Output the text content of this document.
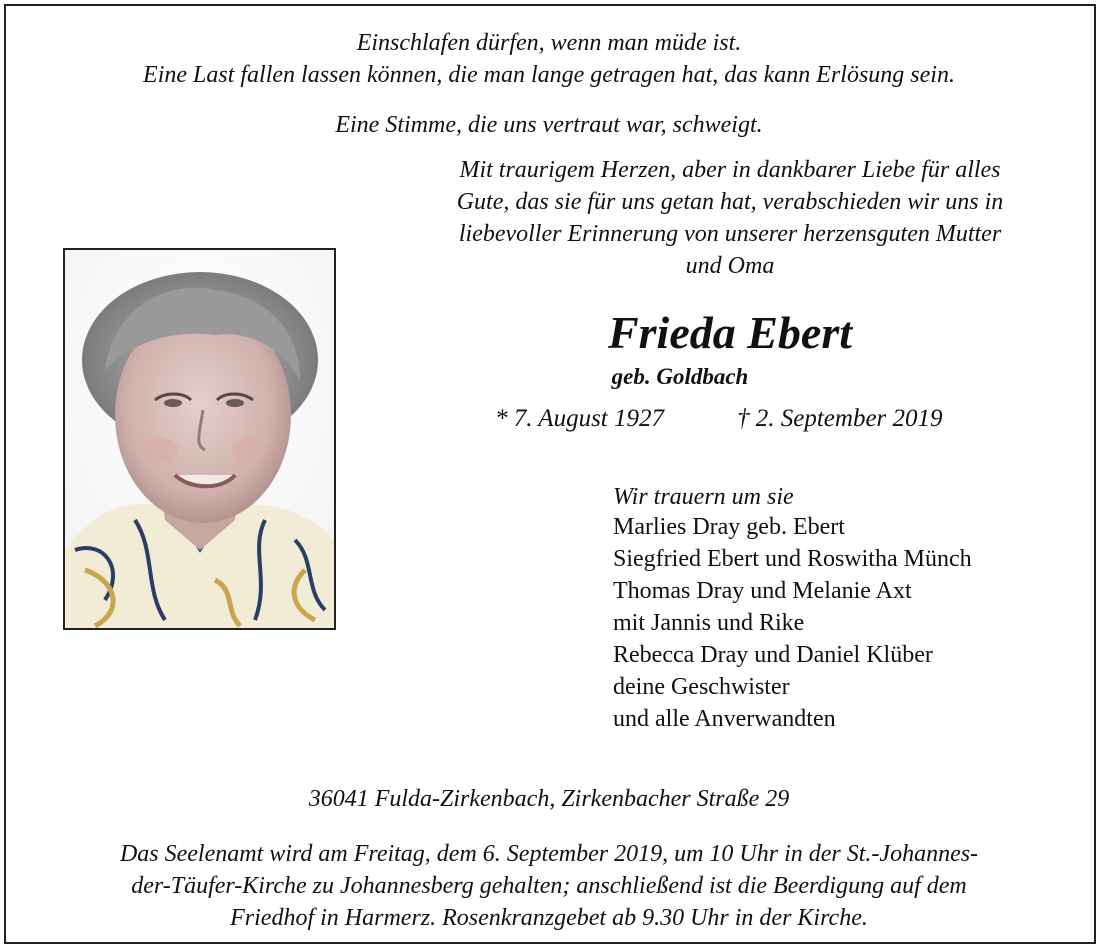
Einschlafen dürfen, wenn man müde ist.
Eine Last fallen lassen können, die man lange getragen hat, das kann Erlösung sein.
Eine Stimme, die uns vertraut war, schweigt.
Mit traurigem Herzen, aber in dankbarer Liebe für alles
Gute, das sie für uns getan hat, verabschieden wir uns in
liebevoller Erinnerung von unserer herzensguten Mutter
und Oma
Frieda Ebert
geb. Goldbach
* 7. August 1927	† 2. September 2019
Wir trauern um sie
Marlies Dray geb. Ebert
Siegfried Ebert und Roswitha Münch
Thomas Dray und Melanie Axt
mit Jannis und Rike
Rebecca Dray und Daniel Klüber
deine Geschwister
und alle Anverwandten
36041 Fulda-Zirkenbach, Zirkenbacher Straße 29
Das Seelenamt wird am Freitag, dem 6. September 2019, um 10 Uhr in der St.-Johannes-
der-Täufer-Kirche zu Johannesberg gehalten; anschließend ist die Beerdigung auf dem
Friedhof in Harmerz. Rosenkranzgebet ab 9.30 Uhr in der Kirche.
